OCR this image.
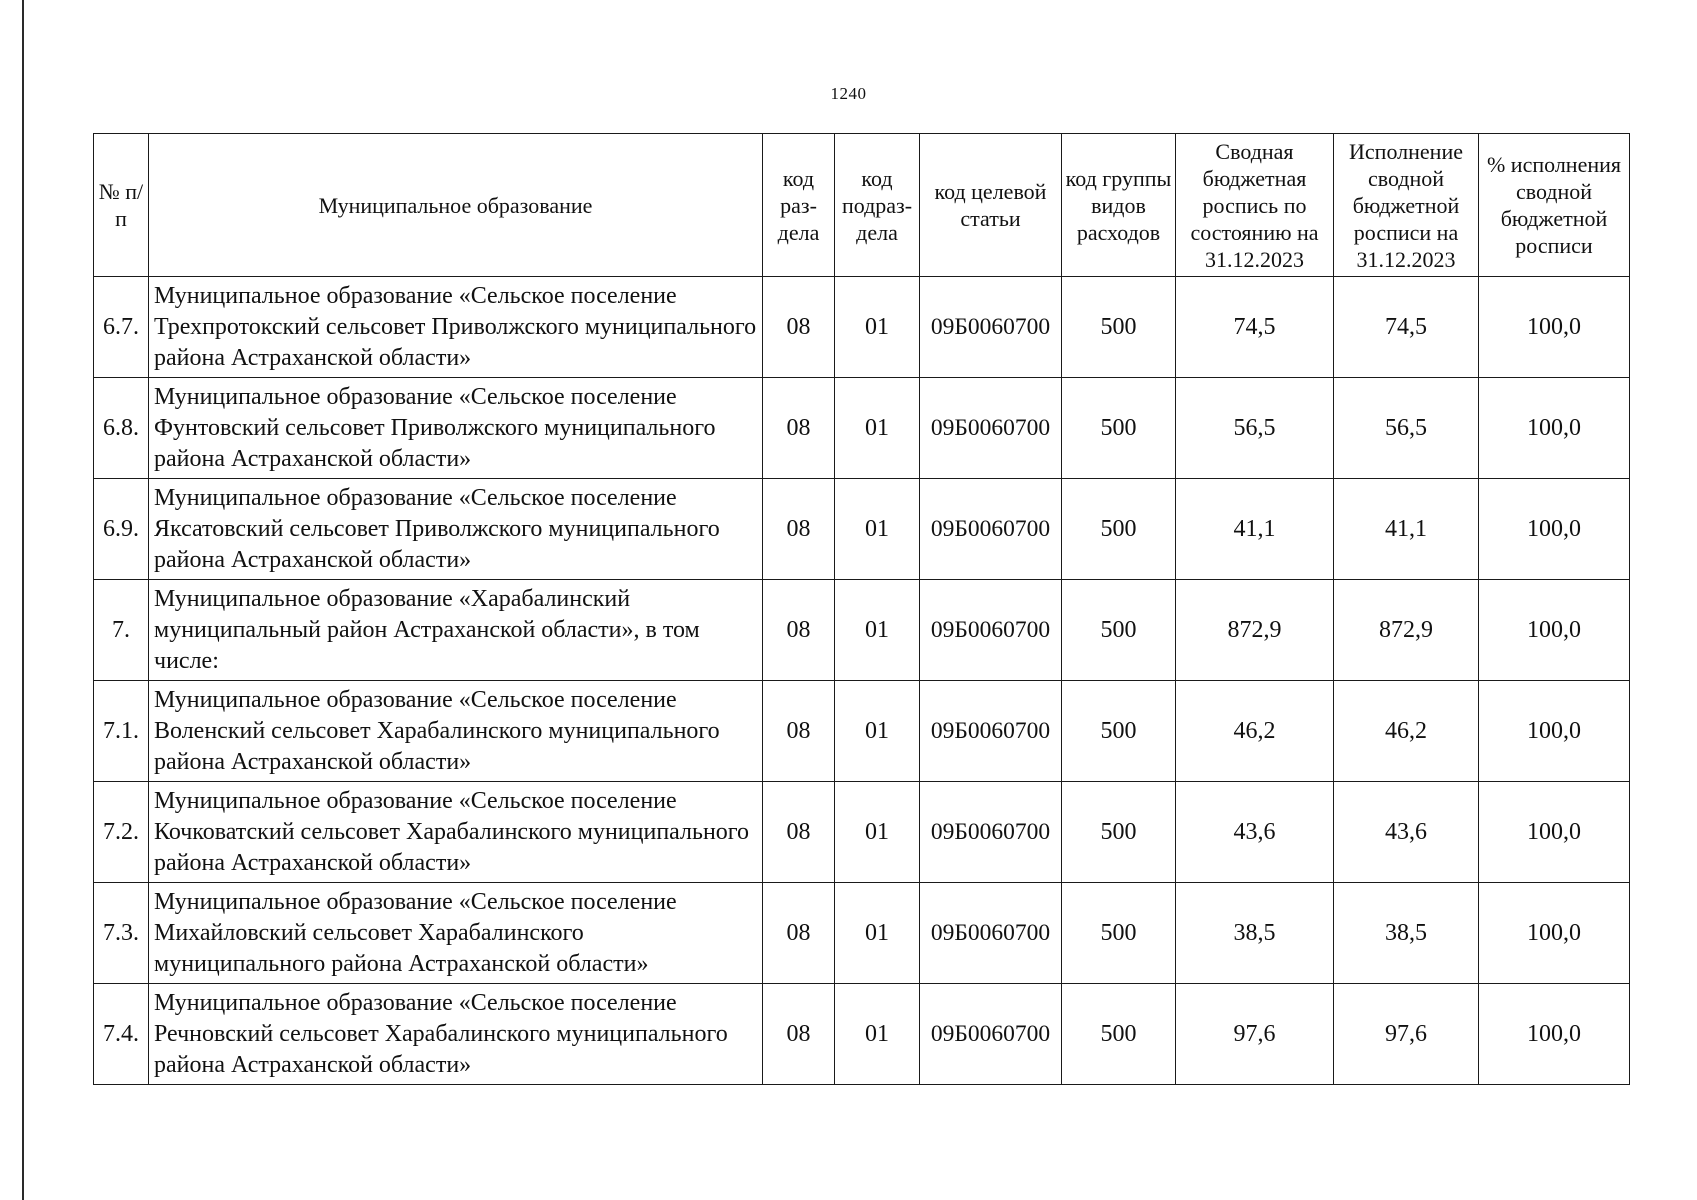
1240
№ п/п	Муниципальное образование	код раз-дела	код подраз-дела	код целевой статьи	код группы видов расходов	Сводная бюджетная роспись по состоянию на 31.12.2023	Исполнение сводной бюджетной росписи на 31.12.2023	% исполнения сводной бюджетной росписи
6.7.	Муниципальное образование «Сельское поселение Трехпротокский сельсовет Приволжского муниципального района Астраханской области»	08	01	09Б0060700	500	74,5	74,5	100,0
6.8.	Муниципальное образование «Сельское поселение Фунтовский сельсовет Приволжского муниципального района Астраханской области»	08	01	09Б0060700	500	56,5	56,5	100,0
6.9.	Муниципальное образование «Сельское поселение Яксатовский сельсовет Приволжского муниципального района Астраханской области»	08	01	09Б0060700	500	41,1	41,1	100,0
7.	Муниципальное образование «Харабалинский муниципальный район Астраханской области», в том числе:	08	01	09Б0060700	500	872,9	872,9	100,0
7.1.	Муниципальное образование «Сельское поселение Воленский сельсовет Харабалинского муниципального района Астраханской области»	08	01	09Б0060700	500	46,2	46,2	100,0
7.2.	Муниципальное образование «Сельское поселение Кочковатский сельсовет Харабалинского муниципального района Астраханской области»	08	01	09Б0060700	500	43,6	43,6	100,0
7.3.	Муниципальное образование «Сельское поселение Михайловский сельсовет Харабалинского муниципального района Астраханской области»	08	01	09Б0060700	500	38,5	38,5	100,0
7.4.	Муниципальное образование «Сельское поселение Речновский сельсовет Харабалинского муниципального района Астраханской области»	08	01	09Б0060700	500	97,6	97,6	100,0
